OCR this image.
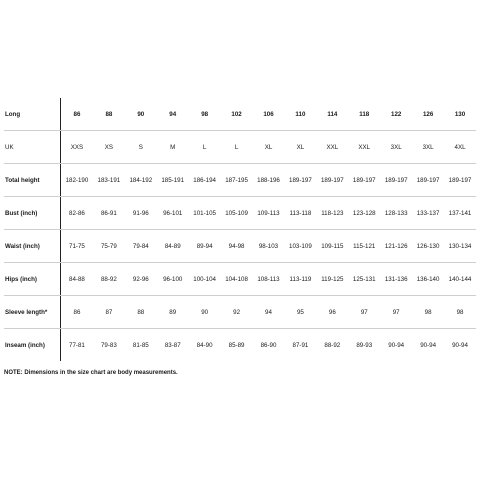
Long	86	88	90	94	98	102	106	110	114	118	122	126	130
UK	XXS	XS	S	M	L	L	XL	XL	XXL	XXL	3XL	3XL	4XL
Total height	182-190	183-191	184-192	185-191	186-194	187-195	188-196	189-197	189-197	189-197	189-197	189-197	189-197
Bust (inch)	82-86	86-91	91-96	96-101	101-105	105-109	109-113	113-118	118-123	123-128	128-133	133-137	137-141
Waist (inch)	71-75	75-79	79-84	84-89	89-94	94-98	98-103	103-109	109-115	115-121	121-126	126-130	130-134
Hips (inch)	84-88	88-92	92-96	96-100	100-104	104-108	108-113	113-119	119-125	125-131	131-136	136-140	140-144
Sleeve length*	86	87	88	89	90	92	94	95	96	97	97	98	98
Inseam (inch)	77-81	79-83	81-85	83-87	84-90	85-89	86-90	87-91	88-92	89-93	90-94	90-94	90-94
NOTE: Dimensions in the size chart are body measurements.
